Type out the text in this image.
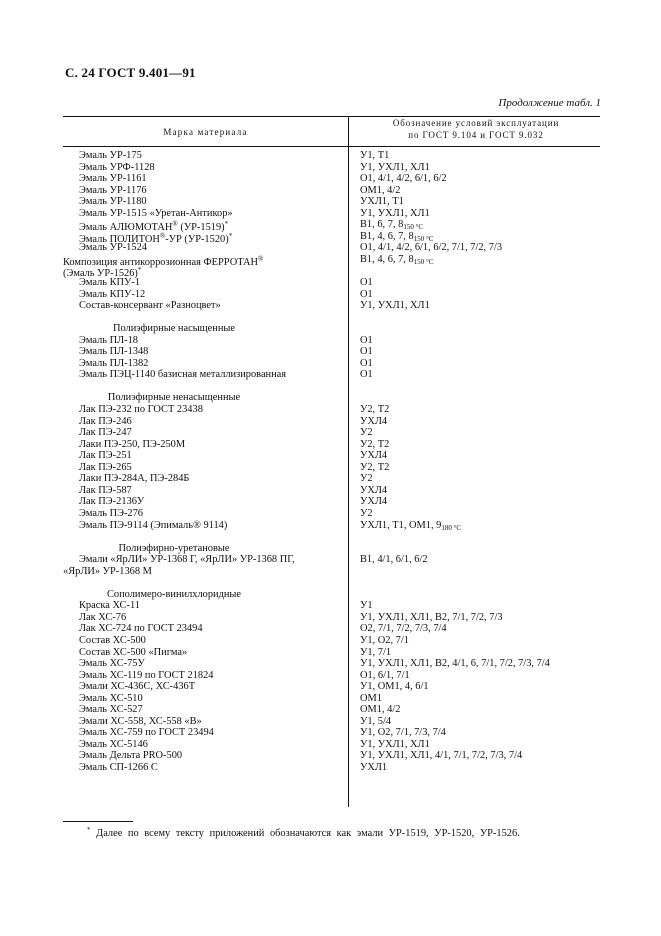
С. 24 ГОСТ 9.401—91
Продолжение табл. 1
Марка материала
Обозначение условий эксплуатации
по ГОСТ 9.104 и ГОСТ 9.032
Эмаль УР-175	У1, Т1
Эмаль УРФ-1128	У1, УХЛ1, ХЛ1
Эмаль УР-1161	О1, 4/1, 4/2, 6/1, 6/2
Эмаль УР-1176	ОМ1, 4/2
Эмаль УР-1180	УХЛ1, Т1
Эмаль УР-1515 «Уретан-Антикор»	У1, УХЛ1, ХЛ1
Эмаль АЛЮМОТАН® (УР-1519)*	В1, 6, 7, $8_{150 ^\circ С}$
Эмаль ПОЛИТОН®-УР (УР-1520)*	В1, 4, 6, 7, $8_{150 ^\circ С}$
Эмаль УР-1524	О1, 4/1, 4/2, 6/1, 6/2, 7/1, 7/2, 7/3
Композиция антикоррозионная ФЕРРОТАН®	В1, 4, 6, 7, $8_{150 ^\circ С}$
(Эмаль УР-1526)*
Эмаль КПУ-1	О1
Эмаль КПУ-12	О1
Состав-консервант «Разноцвет»	У1, УХЛ1, ХЛ1
Полиэфирные насыщенные
Эмаль ПЛ-18	О1
Эмаль ПЛ-1348	О1
Эмаль ПЛ-1382	О1
Эмаль ПЭЦ-1140 базисная металлизированная	О1
Полиэфирные ненасыщенные
Лак ПЭ-232 по ГОСТ 23438	У2, Т2
Лак ПЭ-246	УХЛ4
Лак ПЭ-247	У2
Лаки ПЭ-250, ПЭ-250М	У2, Т2
Лак ПЭ-251	УХЛ4
Лак ПЭ-265	У2, Т2
Лаки ПЭ-284А, ПЭ-284Б	У2
Лак ПЭ-587	УХЛ4
Лак ПЭ-2136У	УХЛ4
Эмаль ПЭ-276	У2
Эмаль ПЭ-9114 (Эпималь® 9114)	УХЛ1, Т1, ОМ1, $9_{180 ^\circ С}$
Полиэфирно-уретановые
Эмали «ЯрЛИ» УР-1368 Г, «ЯрЛИ» УР-1368 ПГ,	В1, 4/1, 6/1, 6/2
«ЯрЛИ» УР-1368 М
Сополимеро-винилхлоридные
Краска ХС-11	У1
Лак ХС-76	У1, УХЛ1, ХЛ1, В2, 7/1, 7/2, 7/3
Лак ХС-724 по ГОСТ 23494	О2, 7/1, 7/2, 7/3, 7/4
Состав ХС-500	У1, О2, 7/1
Состав ХС-500 «Пигма»	У1, 7/1
Эмаль ХС-75У	У1, УХЛ1, ХЛ1, В2, 4/1, 6, 7/1, 7/2, 7/3, 7/4
Эмаль ХС-119 по ГОСТ 21824	О1, 6/1, 7/1
Эмали ХС-436С, ХС-436Т	У1, ОМ1, 4, 6/1
Эмаль ХС-510	ОМ1
Эмаль ХС-527	ОМ1, 4/2
Эмали ХС-558, ХС-558 «В»	У1, 5/4
Эмаль ХС-759 по ГОСТ 23494	У1, О2, 7/1, 7/3, 7/4
Эмаль ХС-5146	У1, УХЛ1, ХЛ1
Эмаль Дельта PRO-500	У1, УХЛ1, ХЛ1, 4/1, 7/1, 7/2, 7/3, 7/4
Эмаль СП-1266 С	УХЛ1
* Далее по всему тексту приложений обозначаются как эмали УР-1519, УР-1520, УР-1526.
